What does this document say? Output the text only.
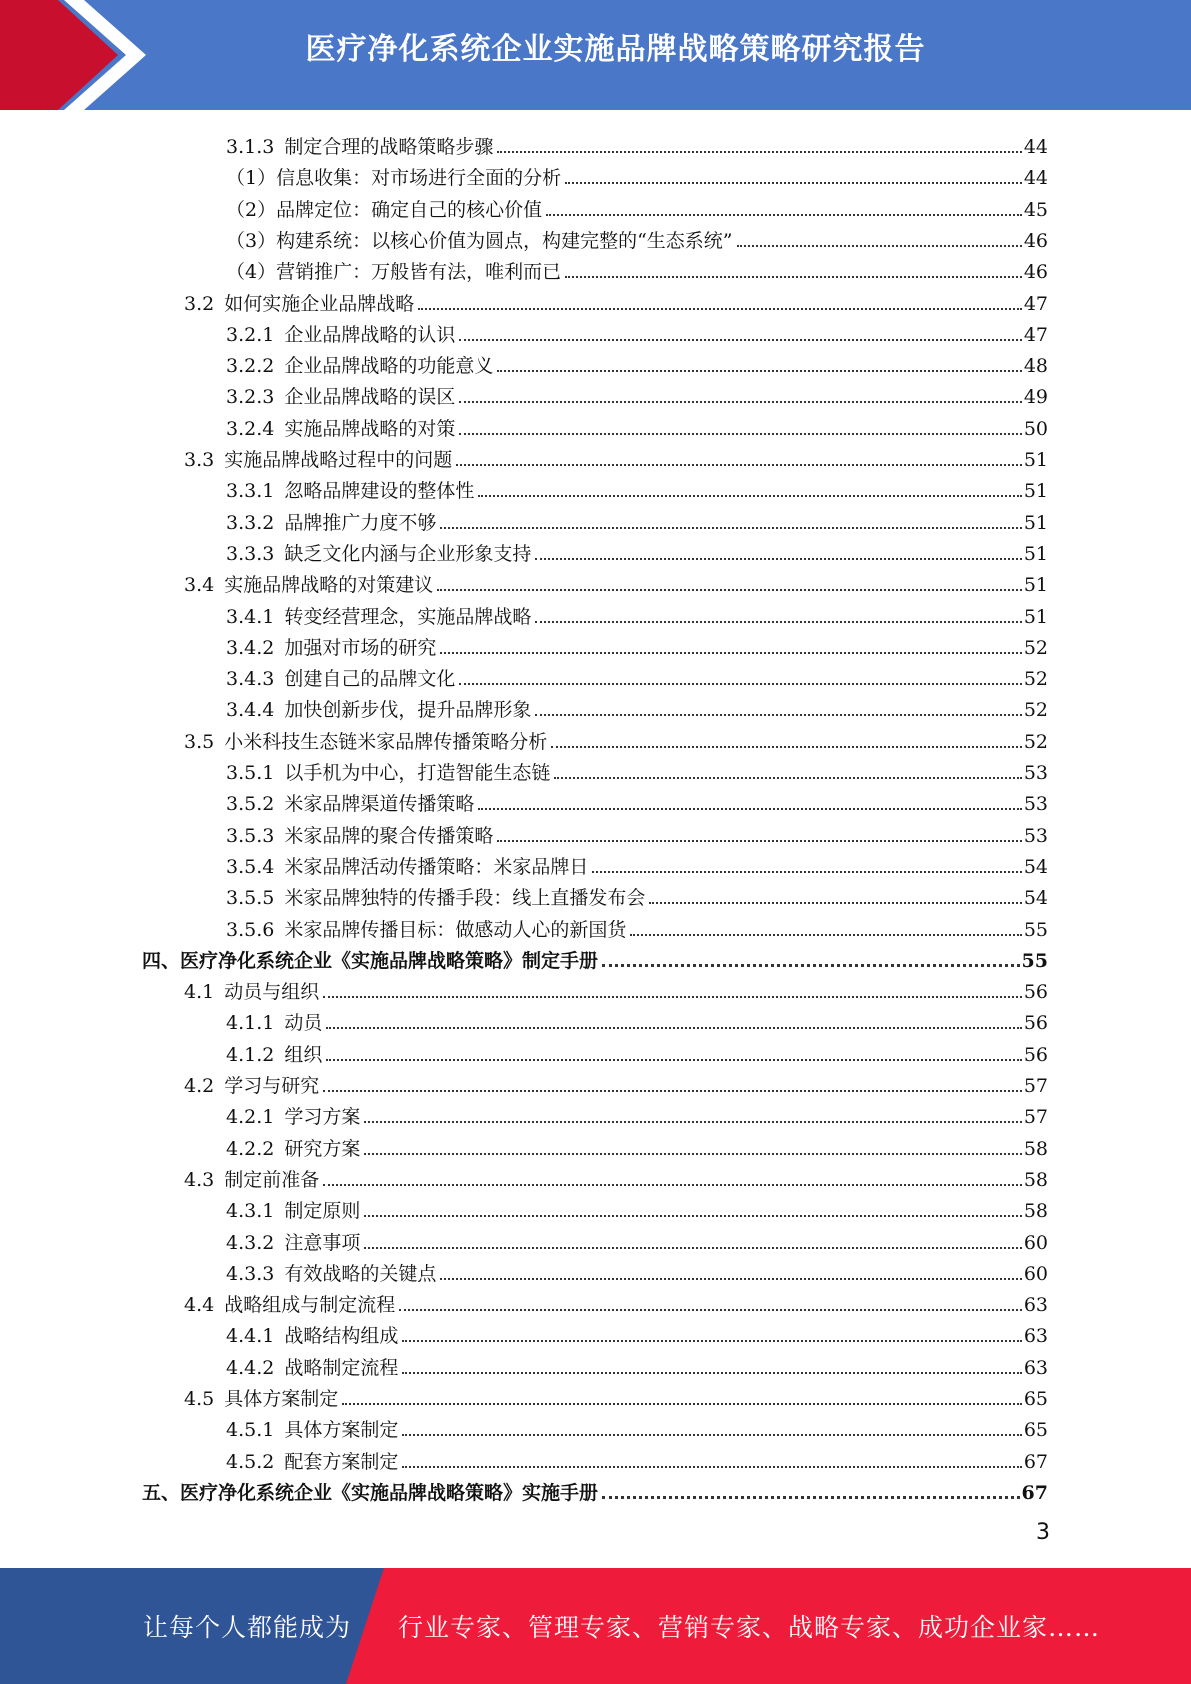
医疗净化系统企业实施品牌战略策略研究报告
3.1.3 制定合理的战略策略步骤	44
（1）信息收集：对市场进行全面的分析	44
（2）品牌定位：确定自己的核心价值	45
（3）构建系统：以核心价值为圆点，构建完整的“生态系统”	46
（4）营销推广：万般皆有法，唯利而已	46
3.2 如何实施企业品牌战略	47
3.2.1 企业品牌战略的认识	47
3.2.2 企业品牌战略的功能意义	48
3.2.3 企业品牌战略的误区	49
3.2.4 实施品牌战略的对策	50
3.3 实施品牌战略过程中的问题	51
3.3.1 忽略品牌建设的整体性	51
3.3.2 品牌推广力度不够	51
3.3.3 缺乏文化内涵与企业形象支持	51
3.4 实施品牌战略的对策建议	51
3.4.1 转变经营理念，实施品牌战略	51
3.4.2 加强对市场的研究	52
3.4.3 创建自己的品牌文化	52
3.4.4 加快创新步伐，提升品牌形象	52
3.5 小米科技生态链米家品牌传播策略分析	52
3.5.1 以手机为中心，打造智能生态链	53
3.5.2 米家品牌渠道传播策略	53
3.5.3 米家品牌的聚合传播策略	53
3.5.4 米家品牌活动传播策略：米家品牌日	54
3.5.5 米家品牌独特的传播手段：线上直播发布会	54
3.5.6 米家品牌传播目标：做感动人心的新国货	55
四、医疗净化系统企业《实施品牌战略策略》制定手册	55
4.1 动员与组织	56
4.1.1 动员	56
4.1.2 组织	56
4.2 学习与研究	57
4.2.1 学习方案	57
4.2.2 研究方案	58
4.3 制定前准备	58
4.3.1 制定原则	58
4.3.2 注意事项	60
4.3.3 有效战略的关键点	60
4.4 战略组成与制定流程	63
4.4.1 战略结构组成	63
4.4.2 战略制定流程	63
4.5 具体方案制定	65
4.5.1 具体方案制定	65
4.5.2 配套方案制定	67
五、医疗净化系统企业《实施品牌战略策略》实施手册	67
3
让每个人都能成为 行业专家、管理专家、营销专家、战略专家、成功企业家……
